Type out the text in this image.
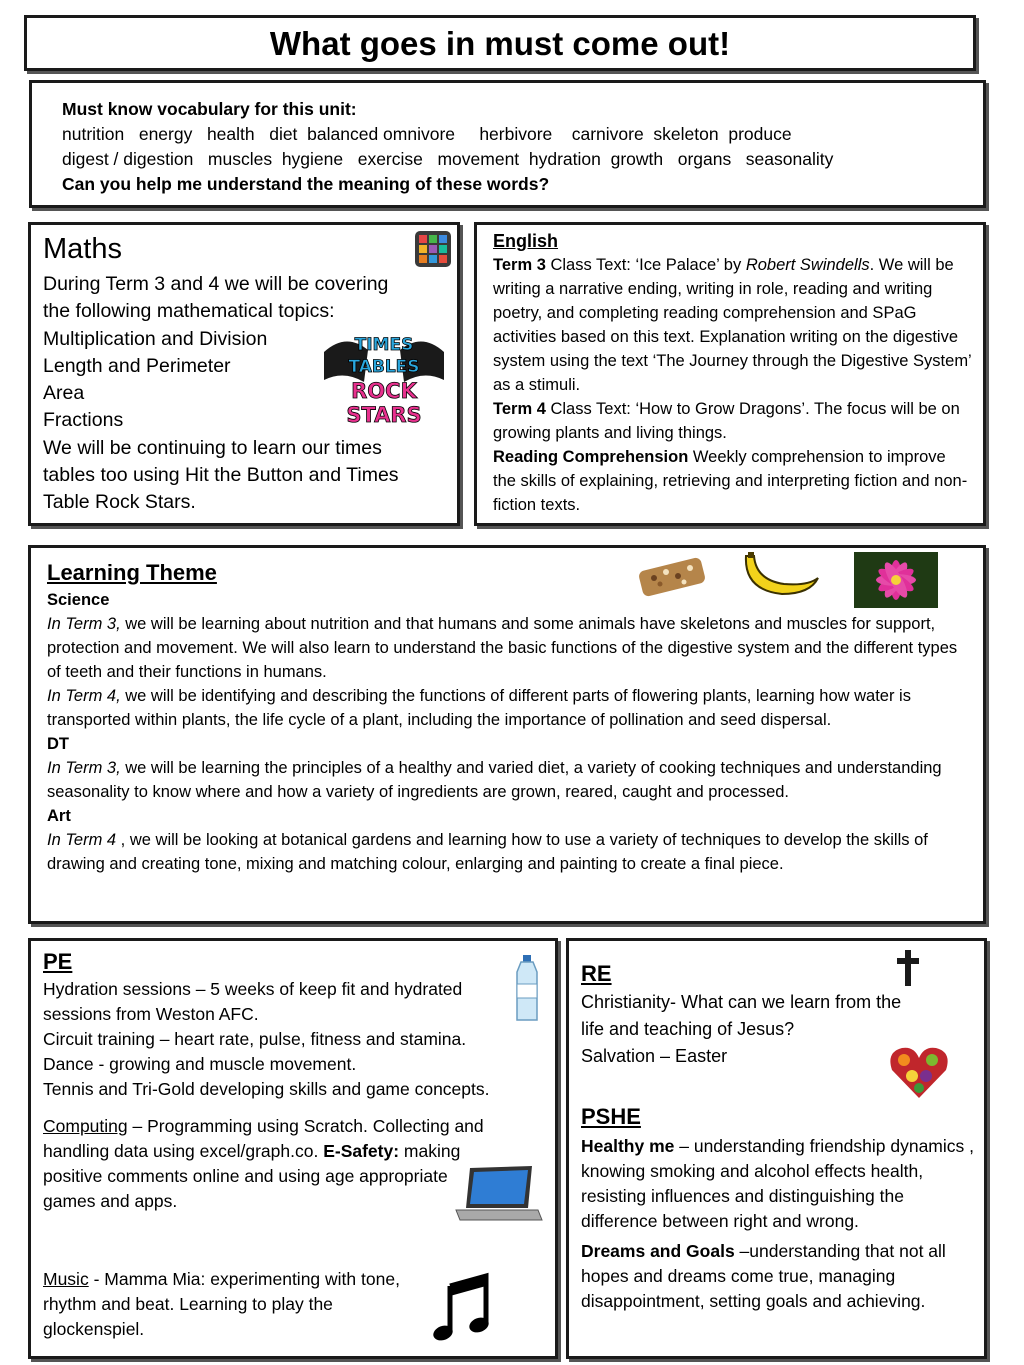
What goes in must come out!

Must know vocabulary for this unit:

nutrition   energy   health   diet  balanced omnivore     herbivore    carnivore  skeleton  produce

digest / digestion   muscles  hygiene   exercise   movement  hydration  growth   organs   seasonality

Can you help me understand the meaning of these words?

Maths

During Term 3 and 4 we will be covering

the following mathematical topics:

Multiplication and Division

Length and Perimeter

Area

Fractions

We will be continuing to learn our times

tables too using Hit the Button and Times

Table Rock Stars.

TIMES
TABLES
ROCK
STARS

English

Term 3 Class Text: ‘Ice Palace’ by Robert Swindells. We will be writing a narrative ending, writing in role, reading and writing poetry, and completing reading comprehension and SPaG activities based on this text. Explanation writing on the digestive system using the text ‘The Journey through the Digestive System’ as a stimuli.

Term 4 Class Text: ‘How to Grow Dragons’. The focus will be on growing plants and living things.

Reading Comprehension Weekly comprehension to improve the skills of explaining, retrieving and interpreting fiction and non-fiction texts.

Learning Theme

Science

In Term 3, we will be learning about nutrition and that humans and some animals have skeletons and muscles for support, protection and movement. We will also learn to understand the basic functions of the digestive system and the different types of teeth and their functions in humans.

In Term 4, we will be identifying and describing the functions of different parts of flowering plants, learning how water is transported within plants, the life cycle of a plant, including the importance of pollination and seed dispersal.

DT

In Term 3, we will be learning the principles of a healthy and varied diet, a variety of cooking techniques and understanding seasonality to know where and how a variety of ingredients are grown, reared, caught and processed.

Art

In Term 4 , we will be looking at botanical gardens and learning how to use a variety of techniques to develop the skills of drawing and creating tone, mixing and matching colour, enlarging and painting to create a final piece.

PE

Hydration sessions – 5 weeks of keep fit and hydrated

sessions from Weston AFC.

Circuit training – heart rate, pulse, fitness and stamina.

Dance - growing and muscle movement.

Tennis and Tri-Gold developing skills and game concepts.

Computing – Programming using Scratch. Collecting and handling data using excel/graph.co. E-Safety: making positive comments online and using age appropriate games and apps.

Music - Mamma Mia: experimenting with tone, rhythm and beat. Learning to play the glockenspiel.

RE

Christianity- What can we learn from the

life and teaching of Jesus?

Salvation – Easter

PSHE

Healthy me – understanding friendship dynamics , knowing smoking and alcohol effects health, resisting influences and distinguishing the difference between right and wrong.

Dreams and Goals –understanding that not all hopes and dreams come true, managing disappointment, setting goals and achieving.
